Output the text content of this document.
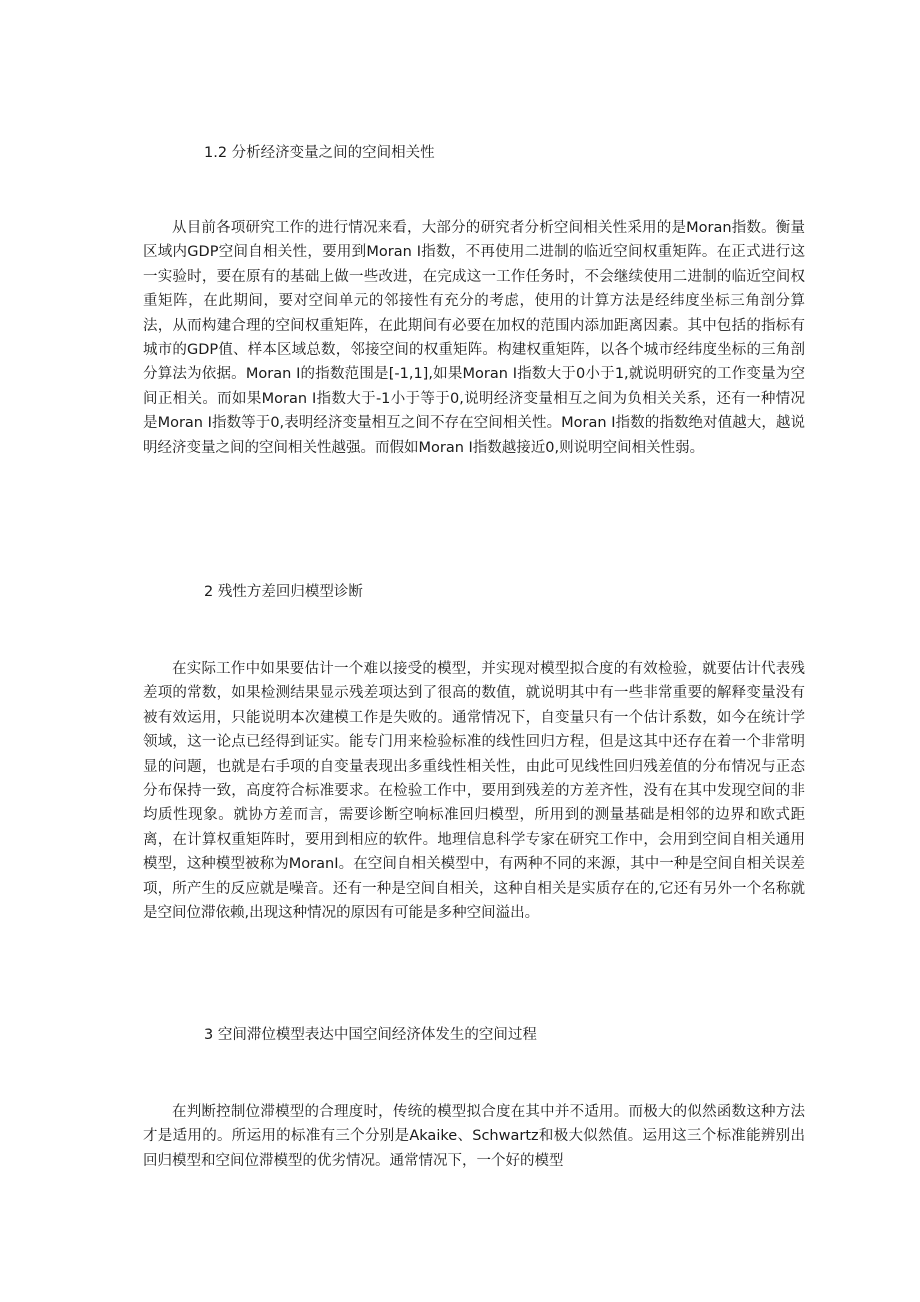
1.2 分析经济变量之间的空间相关性

从目前各项研究工作的进行情况来看，大部分的研究者分析空间相关性采用的是Moran指数。衡量区域内GDP空间自相关性，要用到Moran I指数，不再使用二进制的临近空间权重矩阵。在正式进行这一实验时，要在原有的基础上做一些改进，在完成这一工作任务时，不会继续使用二进制的临近空间权重矩阵，在此期间，要对空间单元的邻接性有充分的考虑，使用的计算方法是经纬度坐标三角剖分算法，从而构建合理的空间权重矩阵，在此期间有必要在加权的范围内添加距离因素。其中包括的指标有城市的GDP值、样本区域总数，邻接空间的权重矩阵。构建权重矩阵，以各个城市经纬度坐标的三角剖分算法为依据。Moran I的指数范围是[-1,1],如果Moran I指数大于0小于1,就说明研究的工作变量为空间正相关。而如果Moran I指数大于-1小于等于0,说明经济变量相互之间为负相关关系，还有一种情况是Moran I指数等于0,表明经济变量相互之间不存在空间相关性。Moran I指数的指数绝对值越大，越说明经济变量之间的空间相关性越强。而假如Moran I指数越接近0,则说明空间相关性弱。

2 残性方差回归模型诊断

在实际工作中如果要估计一个难以接受的模型，并实现对模型拟合度的有效检验，就要估计代表残差项的常数，如果检测结果显示残差项达到了很高的数值，就说明其中有一些非常重要的解释变量没有被有效运用，只能说明本次建模工作是失败的。通常情况下，自变量只有一个估计系数，如今在统计学领域，这一论点已经得到证实。能专门用来检验标准的线性回归方程，但是这其中还存在着一个非常明显的问题，也就是右手项的自变量表现出多重线性相关性，由此可见线性回归残差值的分布情况与正态分布保持一致，高度符合标准要求。在检验工作中，要用到残差的方差齐性，没有在其中发现空间的非均质性现象。就协方差而言，需要诊断空响标准回归模型，所用到的测量基础是相邻的边界和欧式距离，在计算权重矩阵时，要用到相应的软件。地理信息科学专家在研究工作中，会用到空间自相关通用模型，这种模型被称为MoranⅠ。在空间自相关模型中，有两种不同的来源，其中一种是空间自相关误差项，所产生的反应就是噪音。还有一种是空间自相关，这种自相关是实质存在的,它还有另外一个名称就是空间位滞依赖,出现这种情况的原因有可能是多种空间溢出。

3 空间滞位模型表达中国空间经济体发生的空间过程

在判断控制位滞模型的合理度时，传统的模型拟合度在其中并不适用。而极大的似然函数这种方法才是适用的。所运用的标准有三个分别是Akaike、Schwartz和极大似然值。运用这三个标准能辨别出回归模型和空间位滞模型的优劣情况。通常情况下，一个好的模型
